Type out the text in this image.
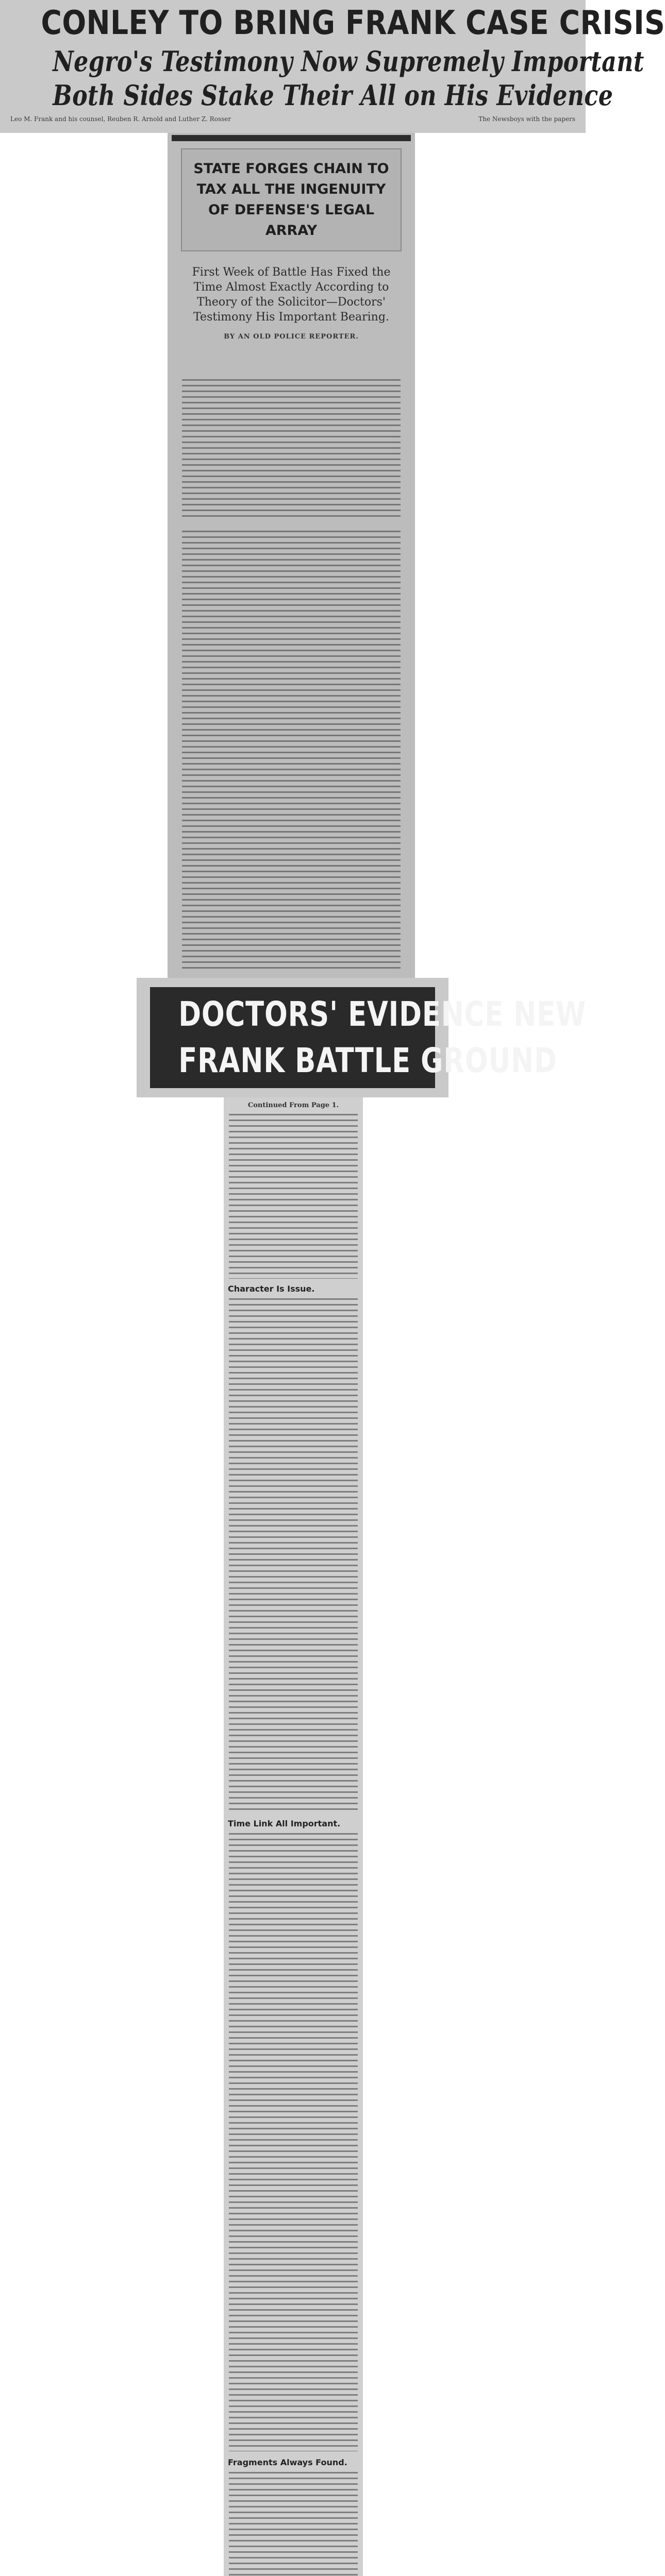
CONLEY TO BRING FRANK CASE CRISIS
Negro's Testimony Now Supremely Important
Both Sides Stake Their All on His Evidence
Leo M. Frank and his counsel, Reuben R. Arnold and Luther Z. Rosser	The Newsboys with the papers
STATE FORGES CHAIN TO TAX ALL THE INGENUITY OF DEFENSE'S LEGAL ARRAY
First Week of Battle Has Fixed the Time Almost Exactly According to Theory of the Solicitor—Doctors' Testimony His Important Bearing.
BY AN OLD POLICE REPORTER.
DOCTORS' EVIDENCE NEW
FRANK BATTLE GROUND
Continued From Page 1.
Character Is Issue.
Time Link All Important.
Fragments Always Found.
